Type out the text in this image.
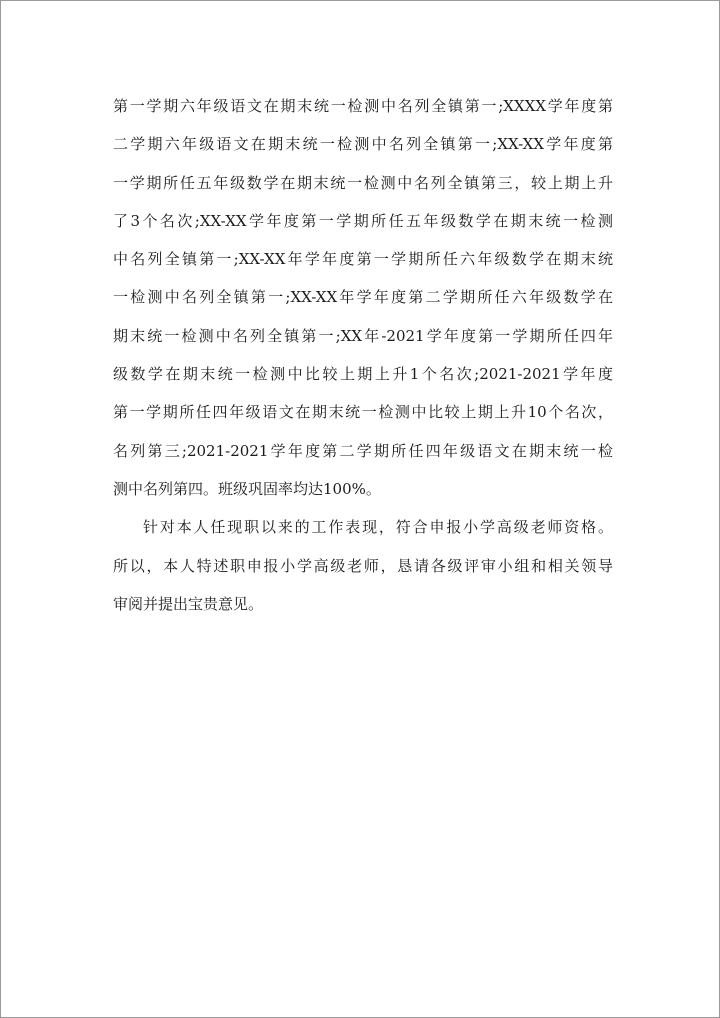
第一学期六年级语文在期末统一检测中名列全镇第一;XXXX学年度第
二学期六年级语文在期末统一检测中名列全镇第一;XX-XX学年度第
一学期所任五年级数学在期末统一检测中名列全镇第三，较上期上升
了3个名次;XX-XX学年度第一学期所任五年级数学在期末统一检测
中名列全镇第一;XX-XX年学年度第一学期所任六年级数学在期末统
一检测中名列全镇第一;XX-XX年学年度第二学期所任六年级数学在
期末统一检测中名列全镇第一;XX年-2021学年度第一学期所任四年
级数学在期末统一检测中比较上期上升1个名次;2021-2021学年度
第一学期所任四年级语文在期末统一检测中比较上期上升10个名次，
名列第三;2021-2021学年度第二学期所任四年级语文在期末统一检
测中名列第四。班级巩固率均达100%。
针对本人任现职以来的工作表现，符合申报小学高级老师资格。
所以，本人特述职申报小学高级老师，恳请各级评审小组和相关领导
审阅并提出宝贵意见。
